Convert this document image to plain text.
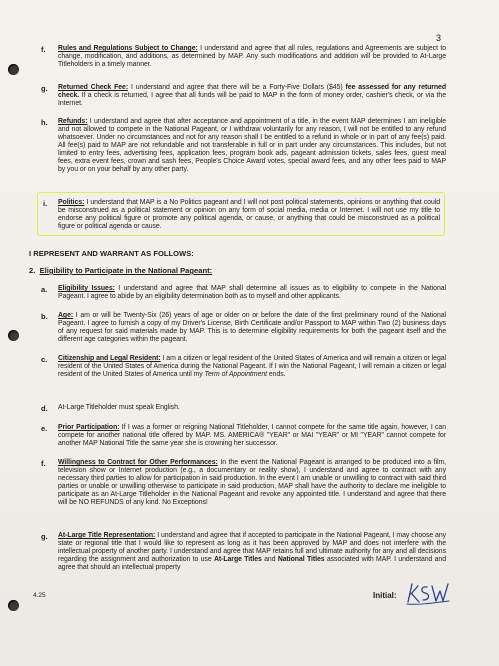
3
f. Rules and Regulations Subject to Change: I understand and agree that all rules, regulations and Agreements are subject to change, modification, and additions, as determined by MAP. Any such modifications and addition will be provided to At-Large Titleholders in a timely manner.
g. Returned Check Fee: I understand and agree that there will be a Forty-Five Dollars ($45) fee assessed for any returned check. If a check is returned, I agree that all funds will be paid to MAP in the form of money order, cashier's check, or via the Internet.
h. Refunds: I understand and agree that after acceptance and appointment of a title, in the event MAP determines I am ineligible and not allowed to compete in the National Pageant, or I withdraw voluntarily for any reason, I will not be entitled to any refund whatsoever. Under no circumstances and not for any reason shall I be entitled to a refund in whole or in part of any fee(s) paid. All fee(s) paid to MAP are not refundable and not transferable in full or in part under any circumstances. This includes, but not limited to entry fees, advertising fees, application fees, program book ads, pageant admission tickets, sales fees, guest meal fees, extra event fees, crown and sash fees, People's Choice Award votes, special award fees, and any other fees paid to MAP by you or on your behalf by any other party.
i. Politics: I understand that MAP is a No Politics pageant and I will not post political statements, opinions or anything that could be misconstrued as a political statement or opinion on any form of social media, media or Internet. I will not use my title to endorse any political figure or promote any political agenda, or cause, or anything that could be misconstrued as a political figure or political agenda or cause.
I REPRESENT AND WARRANT AS FOLLOWS:
2. Eligibility to Participate in the National Pageant:
a. Eligibility Issues: I understand and agree that MAP shall determine all issues as to eligibility to compete in the National Pageant. I agree to abide by an eligibility determination both as to myself and other applicants.
b. Age: I am or will be Twenty-Six (26) years of age or older on or before the date of the first preliminary round of the National Pageant. I agree to furnish a copy of my Driver's License, Birth Certificate and/or Passport to MAP within Two (2) business days of any request for said materials made by MAP. This is to determine eligibility requirements for both the pageant itself and the different age categories within the pageant.
c. Citizenship and Legal Resident: I am a citizen or legal resident of the United States of America and will remain a citizen or legal resident of the United States of America during the National Pageant. If I win the National Pageant, I will remain a citizen or legal resident of the United States of America until my Term of Appointment ends.
d. At-Large Titleholder must speak English.
e. Prior Participation: If I was a former or reigning National Titleholder, I cannot compete for the same title again, however, I can compete for another national title offered by MAP. MS. AMERICA® "YEAR" or MAI "YEAR" or MI "YEAR" cannot compete for another MAP National Title the same year she is crowning her successor.
f. Willingness to Contract for Other Performances: In the event the National Pageant is arranged to be produced into a film, television show or Internet production (e.g., a documentary or reality show), I understand and agree to contract with any necessary third parties to allow for participation in said production. In the event I am unable or unwilling to contract with said third parties or unable or unwilling otherwise to participate in said production, MAP shall have the authority to declare me ineligible to participate as an At-Large Titleholder in the National Pageant and revoke any appointed title. I understand and agree that there will be NO REFUNDS of any kind. No Exceptions!
g. At-Large Title Representation: I understand and agree that if accepted to participate in the National Pageant, I may choose any state or regional title that I would like to represent as long as it has been approved by MAP and does not interfere with the intellectual property of another party. I understand and agree that MAP retains full and ultimate authority for any and all decisions regarding the assignment and authorization to use At-Large Titles and National Titles associated with MAP. I understand and agree that should an intellectual property
4.25	Initial:
